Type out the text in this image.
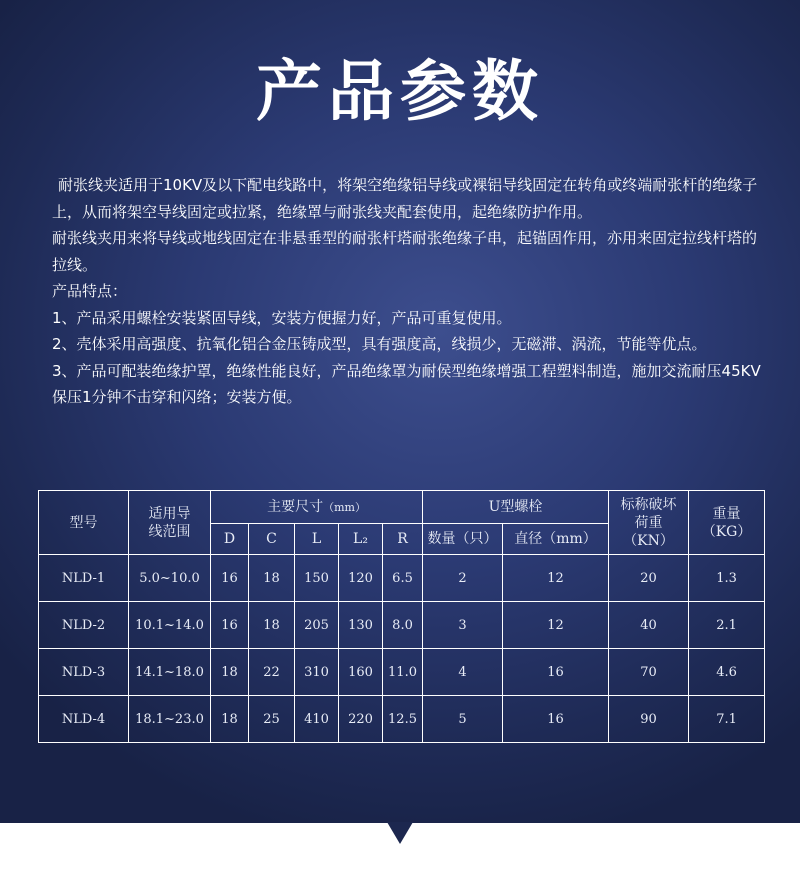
产品参数

耐张线夹适用于10KV及以下配电线路中，将架空绝缘铝导线或裸铝导线固定在转角或终端耐张杆的绝缘子上，从而将架空导线固定或拉紧，绝缘罩与耐张线夹配套使用，起绝缘防护作用。

耐张线夹用来将导线或地线固定在非悬垂型的耐张杆塔耐张绝缘子串，起锚固作用，亦用来固定拉线杆塔的拉线。

产品特点：

1、产品采用螺栓安装紧固导线，安装方便握力好，产品可重复使用。

2、壳体采用高强度、抗氧化铝合金压铸成型，具有强度高，线损少，无磁滞、涡流，节能等优点。

3、产品可配装绝缘护罩，绝缘性能良好，产品绝缘罩为耐侯型绝缘增强工程塑料制造，施加交流耐压45KV保压1分钟不击穿和闪络；安装方便。

型号	适用导线范围	主要尺寸（mm）					U型螺栓		标称破坏荷重（KN）	重量（KG）
		D	C	L	L₂	R	数量（只）	直径（mm）		
NLD-1	5.0~10.0	16	18	150	120	6.5	2	12	20	1.3
NLD-2	10.1~14.0	16	18	205	130	8.0	3	12	40	2.1
NLD-3	14.1~18.0	18	22	310	160	11.0	4	16	70	4.6
NLD-4	18.1~23.0	18	25	410	220	12.5	5	16	90	7.1
